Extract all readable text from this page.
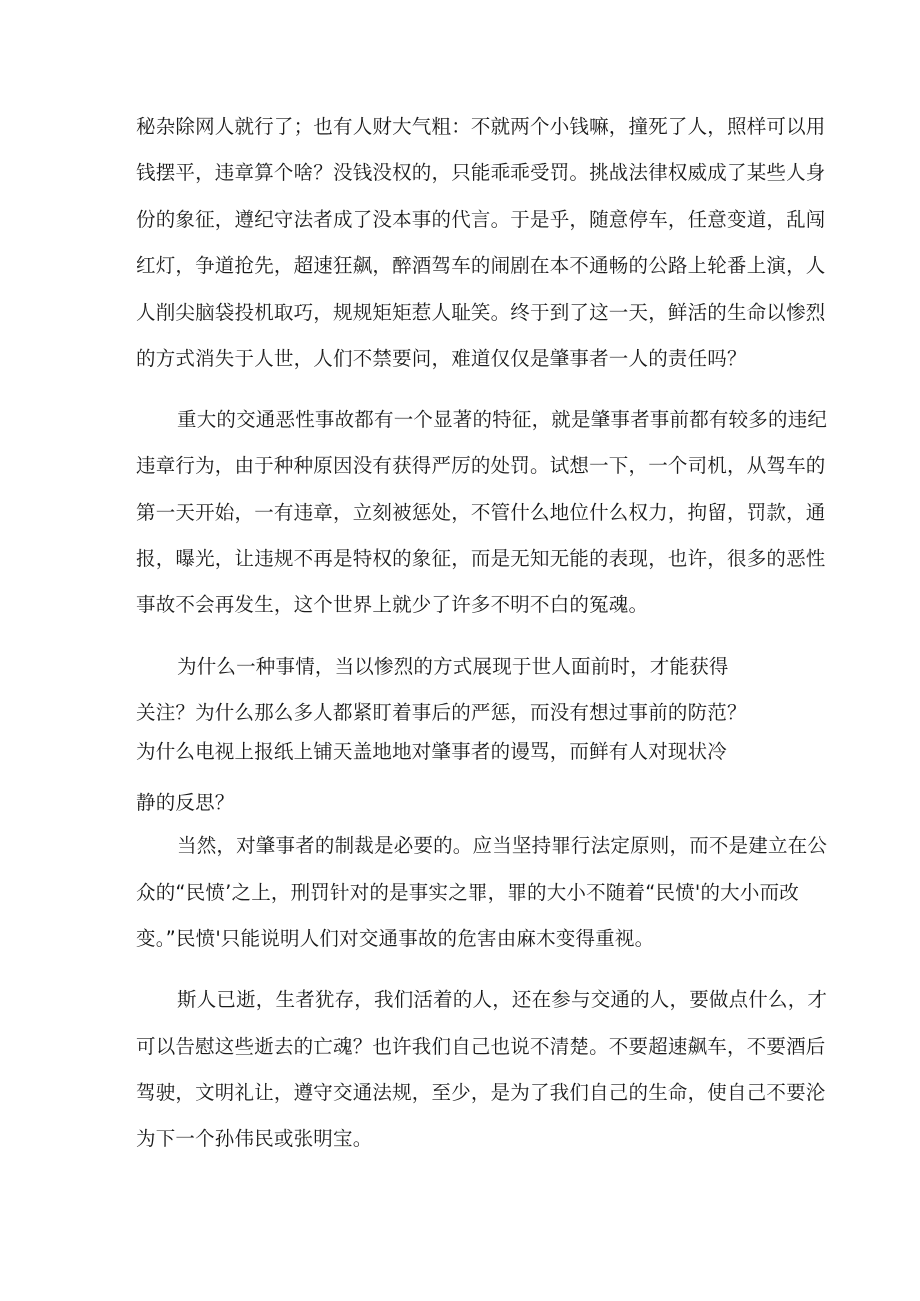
秘杂除网人就行了；也有人财大气粗：不就两个小钱嘛，撞死了人，照样可以用
钱摆平，违章算个啥？没钱没权的，只能乖乖受罚。挑战法律权威成了某些人身
份的象征，遵纪守法者成了没本事的代言。于是乎，随意停车，任意变道，乱闯
红灯，争道抢先，超速狂飙，醉酒驾车的闹剧在本不通畅的公路上轮番上演，人
人削尖脑袋投机取巧，规规矩矩惹人耻笑。终于到了这一天，鲜活的生命以惨烈
的方式消失于人世，人们不禁要问，难道仅仅是肇事者一人的责任吗？
重大的交通恶性事故都有一个显著的特征，就是肇事者事前都有较多的违纪
违章行为，由于种种原因没有获得严厉的处罚。试想一下，一个司机，从驾车的
第一天开始，一有违章，立刻被惩处，不管什么地位什么权力，拘留，罚款，通
报，曝光，让违规不再是特权的象征，而是无知无能的表现，也许，很多的恶性
事故不会再发生，这个世界上就少了许多不明不白的冤魂。
为什么一种事情，当以惨烈的方式展现于世人面前时，才能获得
关注？为什么那么多人都紧盯着事后的严惩，而没有想过事前的防范？
为什么电视上报纸上铺天盖地地对肇事者的谩骂，而鲜有人对现状冷
静的反思？
当然，对肇事者的制裁是必要的。应当坚持罪行法定原则，而不是建立在公
众的“民愤’之上，刑罚针对的是事实之罪，罪的大小不随着“民愤'的大小而改
变。”民愤'只能说明人们对交通事故的危害由麻木变得重视。
斯人已逝，生者犹存，我们活着的人，还在参与交通的人，要做点什么，才
可以告慰这些逝去的亡魂？也许我们自己也说不清楚。不要超速飙车，不要酒后
驾驶，文明礼让，遵守交通法规，至少，是为了我们自己的生命，使自己不要沦
为下一个孙伟民或张明宝。
